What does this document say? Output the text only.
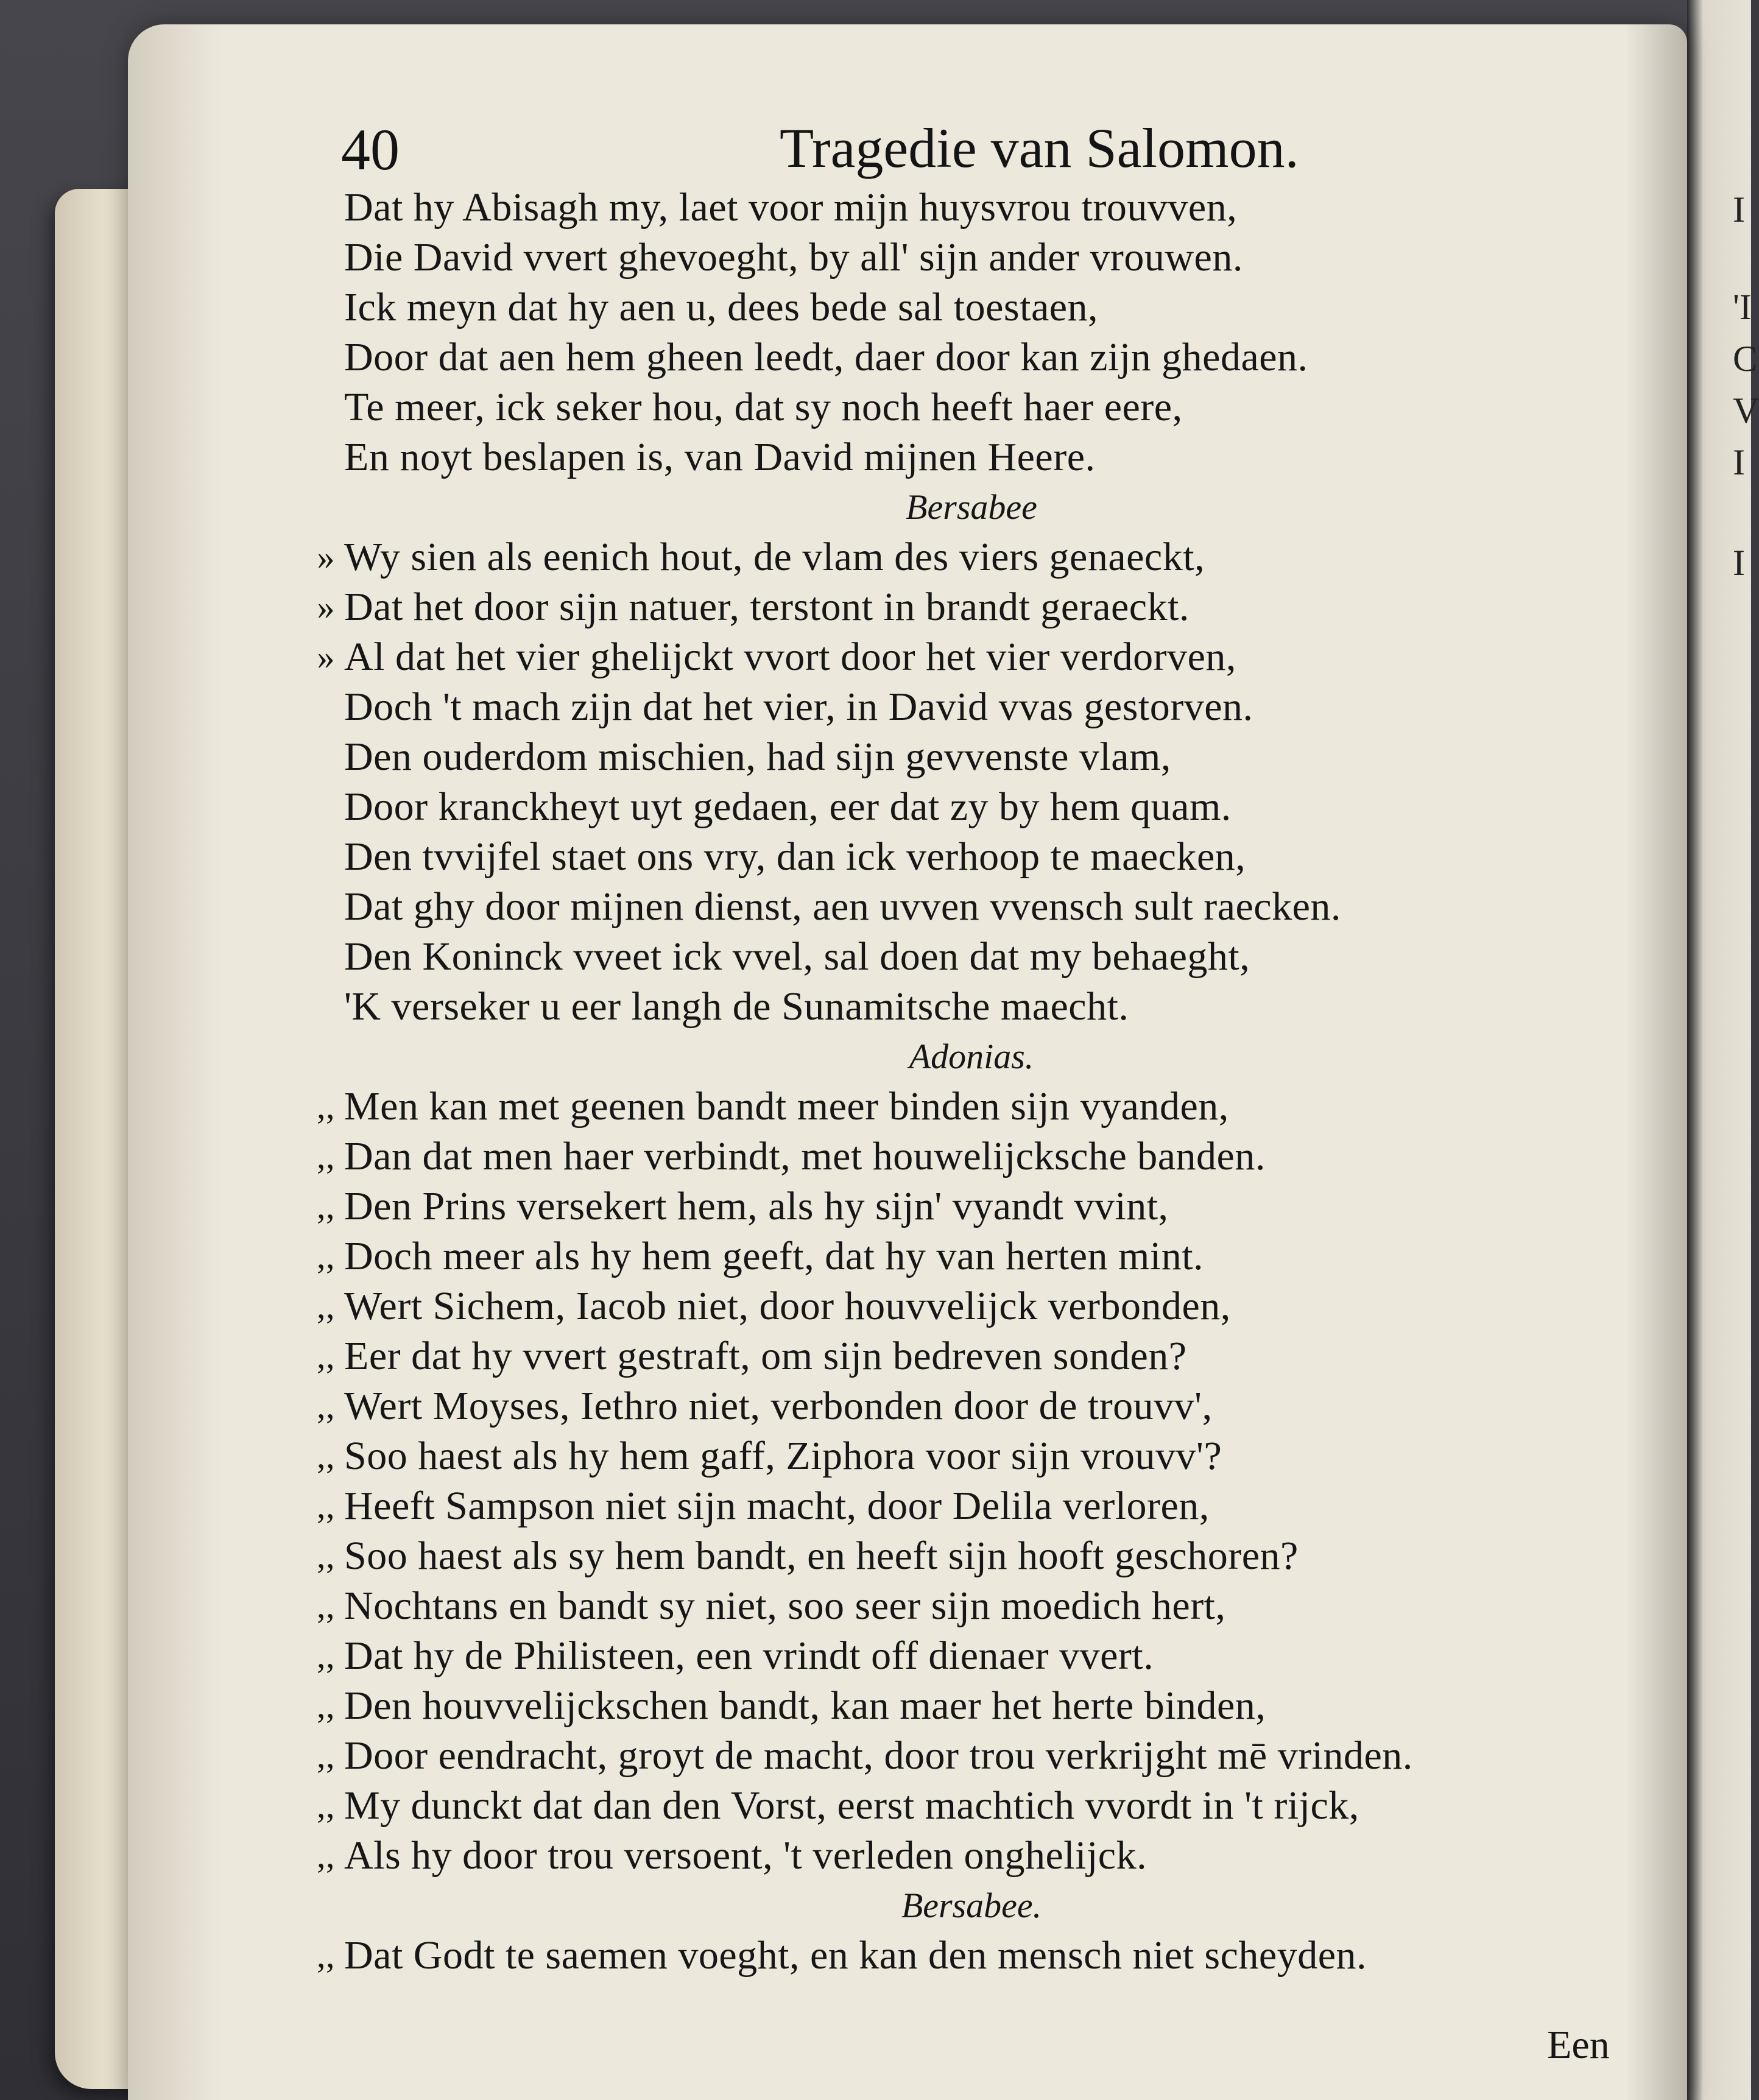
I
'I
C
V
I
I
40	Tragedie van Salomon.
Dat hy Abisagh my, laet voor mijn huysvrou trouvven,
Die David vvert ghevoeght, by all' sijn ander vrouwen.
Ick meyn dat hy aen u, dees bede sal toestaen,
Door dat aen hem gheen leedt, daer door kan zijn ghedaen.
Te meer, ick seker hou, dat sy noch heeft haer eere,
En noyt beslapen is, van David mijnen Heere.
Bersabee
» Wy sien als eenich hout, de vlam des viers genaeckt,
» Dat het door sijn natuer, terstont in brandt geraeckt.
» Al dat het vier ghelijckt vvort door het vier verdorven,
Doch 't mach zijn dat het vier, in David vvas gestorven.
Den ouderdom mischien, had sijn gevvenste vlam,
Door kranckheyt uyt gedaen, eer dat zy by hem quam.
Den tvvijfel staet ons vry, dan ick verhoop te maecken,
Dat ghy door mijnen dienst, aen uvven vvensch sult raecken.
Den Koninck vveet ick vvel, sal doen dat my behaeght,
'K verseker u eer langh de Sunamitsche maecht.
Adonias.
,, Men kan met geenen bandt meer binden sijn vyanden,
,, Dan dat men haer verbindt, met houwelijcksche banden.
,, Den Prins versekert hem, als hy sijn' vyandt vvint,
,, Doch meer als hy hem geeft, dat hy van herten mint.
,, Wert Sichem, Iacob niet, door houvvelijck verbonden,
,, Eer dat hy vvert gestraft, om sijn bedreven sonden?
,, Wert Moyses, Iethro niet, verbonden door de trouvv',
,, Soo haest als hy hem gaff, Ziphora voor sijn vrouvv'?
,, Heeft Sampson niet sijn macht, door Delila verloren,
,, Soo haest als sy hem bandt, en heeft sijn hooft geschoren?
,, Nochtans en bandt sy niet, soo seer sijn moedich hert,
,, Dat hy de Philisteen, een vrindt off dienaer vvert.
,, Den houvvelijckschen bandt, kan maer het herte binden,
,, Door eendracht, groyt de macht, door trou verkrijght mē vrinden.
,, My dunckt dat dan den Vorst, eerst machtich vvordt in 't rijck,
,, Als hy door trou versoent, 't verleden onghelijck.
Bersabee.
,, Dat Godt te saemen voeght, en kan den mensch niet scheyden.
Een
